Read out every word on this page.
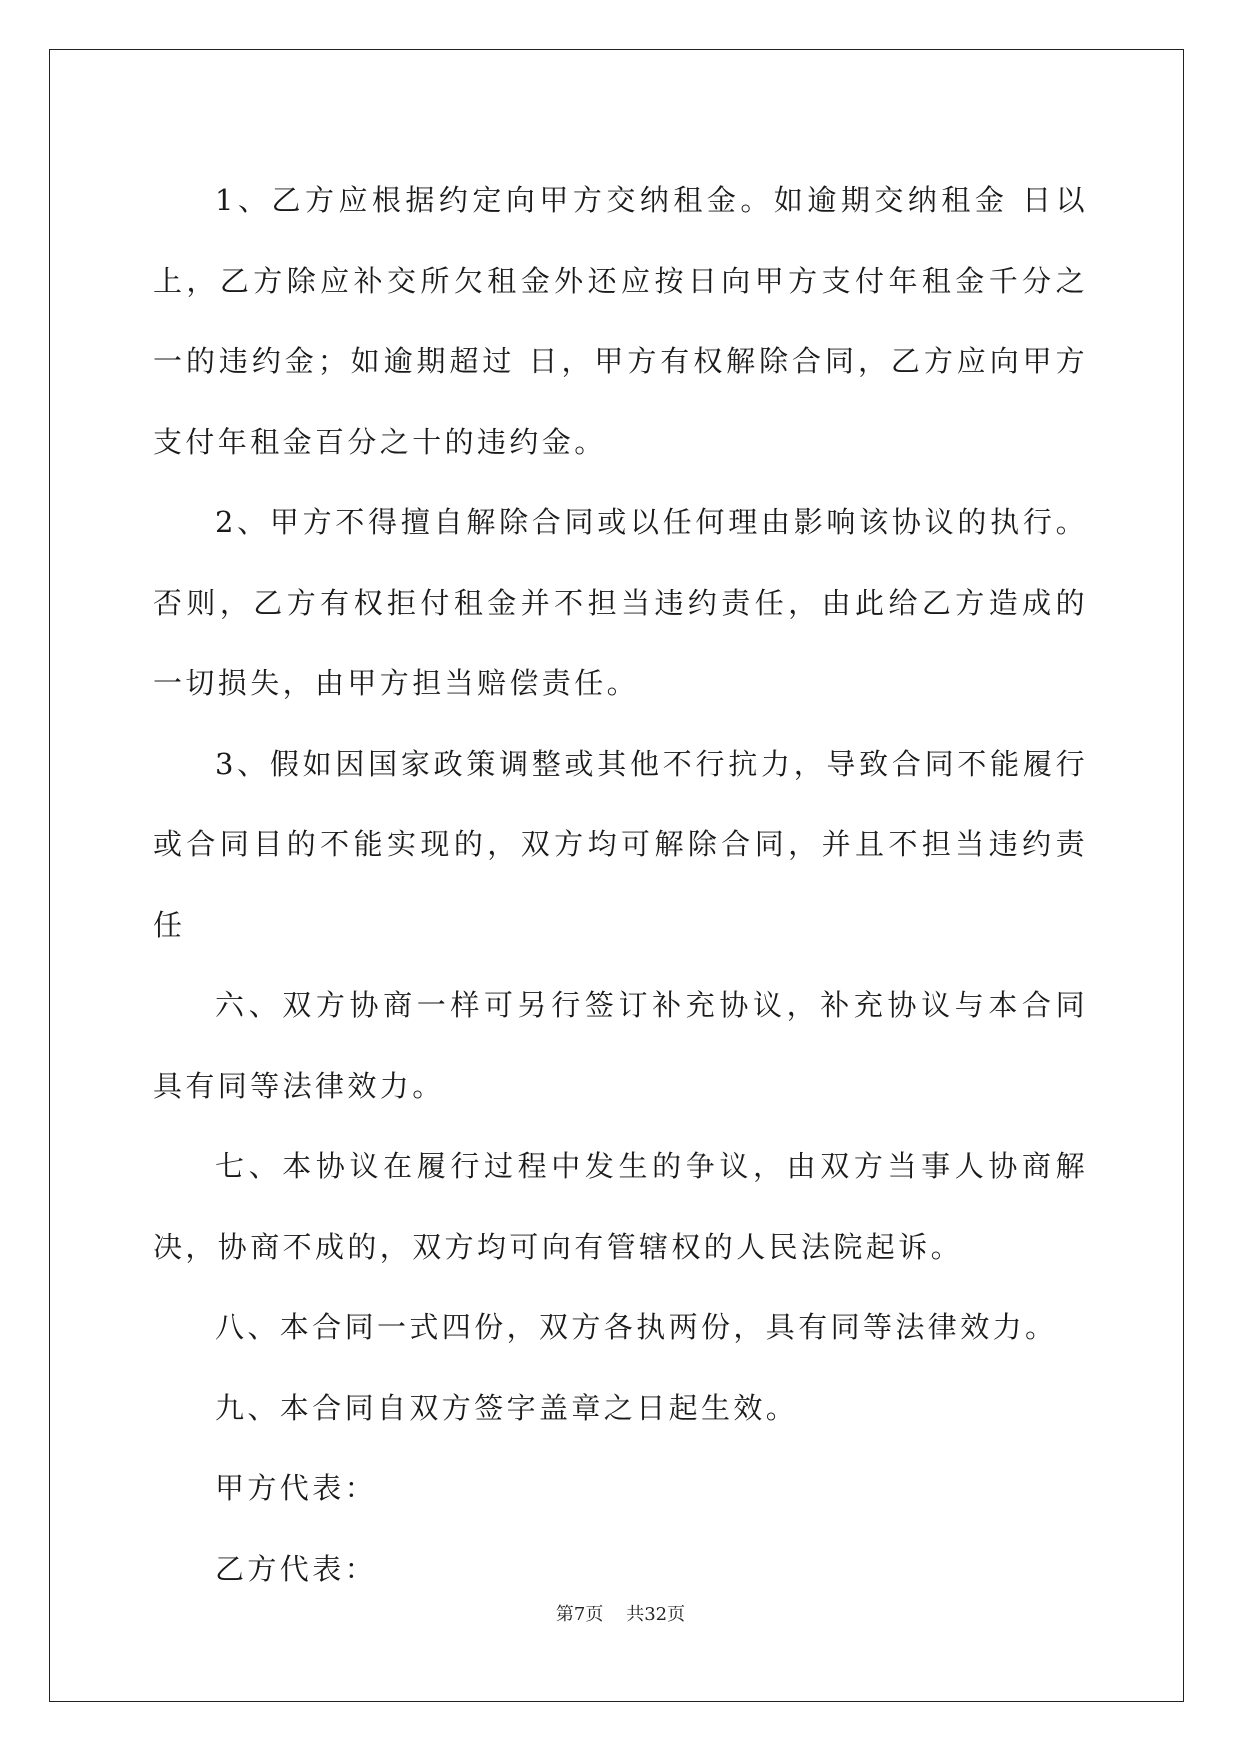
1、乙方应根据约定向甲方交纳租金。如逾期交纳租金 日以上，乙方除应补交所欠租金外还应按日向甲方支付年租金千分之一的违约金；如逾期超过 日，甲方有权解除合同，乙方应向甲方支付年租金百分之十的违约金。

2、甲方不得擅自解除合同或以任何理由影响该协议的执行。否则，乙方有权拒付租金并不担当违约责任，由此给乙方造成的一切损失，由甲方担当赔偿责任。

3、假如因国家政策调整或其他不行抗力，导致合同不能履行或合同目的不能实现的，双方均可解除合同，并且不担当违约责任

六、双方协商一样可另行签订补充协议，补充协议与本合同具有同等法律效力。

七、本协议在履行过程中发生的争议，由双方当事人协商解决，协商不成的，双方均可向有管辖权的人民法院起诉。

八、本合同一式四份，双方各执两份，具有同等法律效力。

九、本合同自双方签字盖章之日起生效。

甲方代表：

乙方代表：

第7页 共32页
